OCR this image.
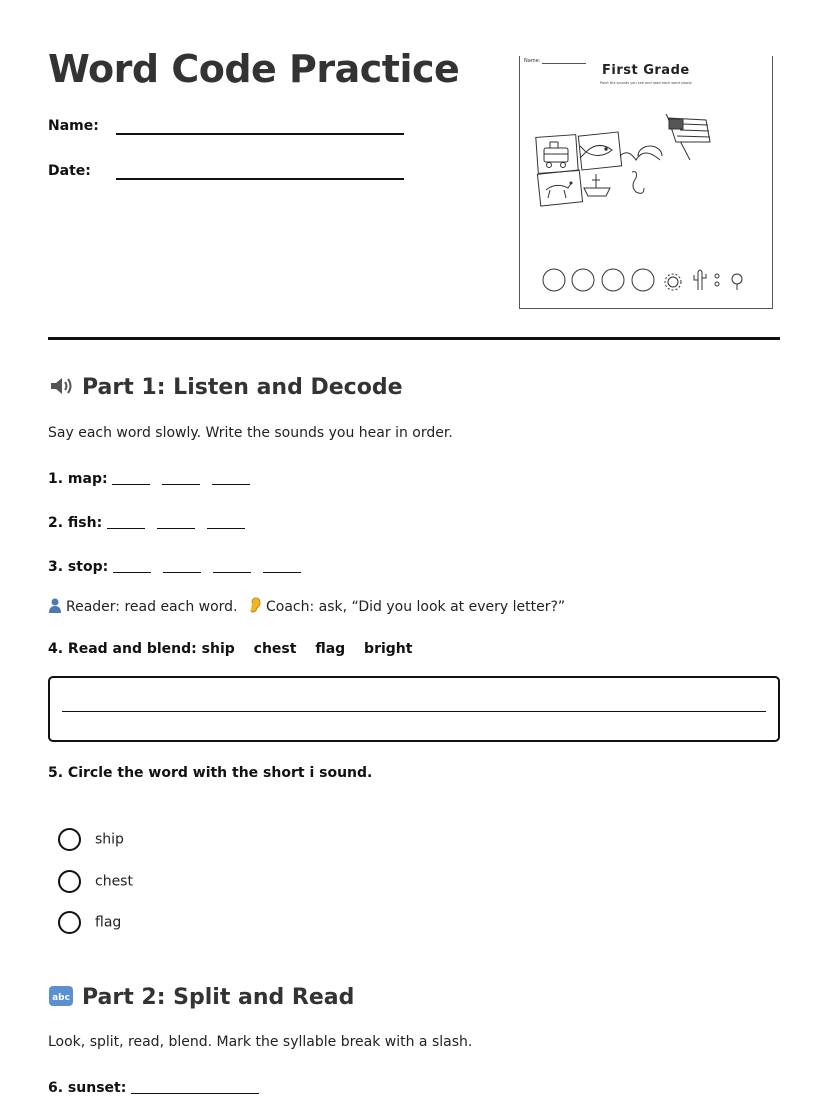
Word Code Practice
Name:
Date:
Name:
First Grade
Point the sounds you see and read each word slowly
Part 1: Listen and Decode
Say each word slowly. Write the sounds you hear in order.
1. map:
2. fish:
3. stop:
Reader: read each word. Coach: ask, “Did you look at every letter?”
4. Read and blend: ship chest flag bright
5. Circle the word with the short i sound.
ship
chest
flag
abc Part 2: Split and Read
Look, split, read, blend. Mark the syllable break with a slash.
6. sunset:
